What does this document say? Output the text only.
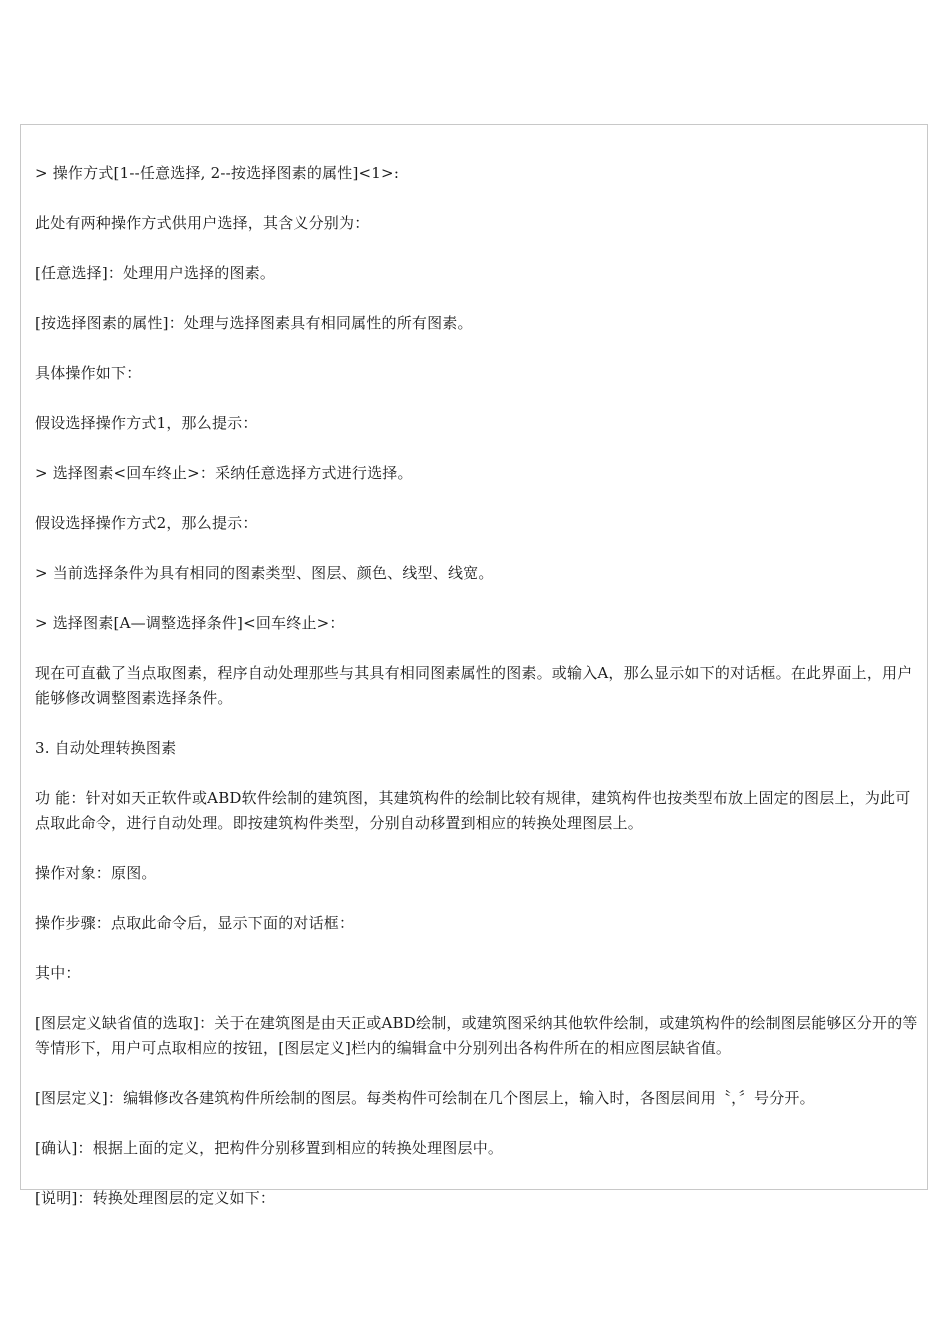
> 操作方式[1--任意选择, 2--按选择图素的属性]<1>:

此处有两种操作方式供用户选择，其含义分别为：

[任意选择]：处理用户选择的图素。

[按选择图素的属性]：处理与选择图素具有相同属性的所有图素。

具体操作如下：

假设选择操作方式1，那么提示：

> 选择图素<回车终止>：采纳任意选择方式进行选择。

假设选择操作方式2，那么提示：

> 当前选择条件为具有相同的图素类型、图层、颜色、线型、线宽。

> 选择图素[A—调整选择条件]<回车终止>：

现在可直截了当点取图素，程序自动处理那些与其具有相同图素属性的图素。或输入A，那么显示如下的对话框。在此界面上，用户能够修改调整图素选择条件。

3. 自动处理转换图素

功 能：针对如天正软件或ABD软件绘制的建筑图，其建筑构件的绘制比较有规律，建筑构件也按类型布放上固定的图层上，为此可点取此命令，进行自动处理。即按建筑构件类型，分别自动移置到相应的转换处理图层上。

操作对象：原图。

操作步骤：点取此命令后，显示下面的对话框：

其中：

[图层定义缺省值的选取]：关于在建筑图是由天正或ABD绘制，或建筑图采纳其他软件绘制，或建筑构件的绘制图层能够区分开的等等情形下，用户可点取相应的按钮，[图层定义]栏内的编辑盒中分别列出各构件所在的相应图层缺省值。

[图层定义]：编辑修改各建筑构件所绘制的图层。每类构件可绘制在几个图层上，输入时，各图层间用〝，〞号分开。

[确认]：根据上面的定义，把构件分别移置到相应的转换处理图层中。

[说明]：转换处理图层的定义如下：
